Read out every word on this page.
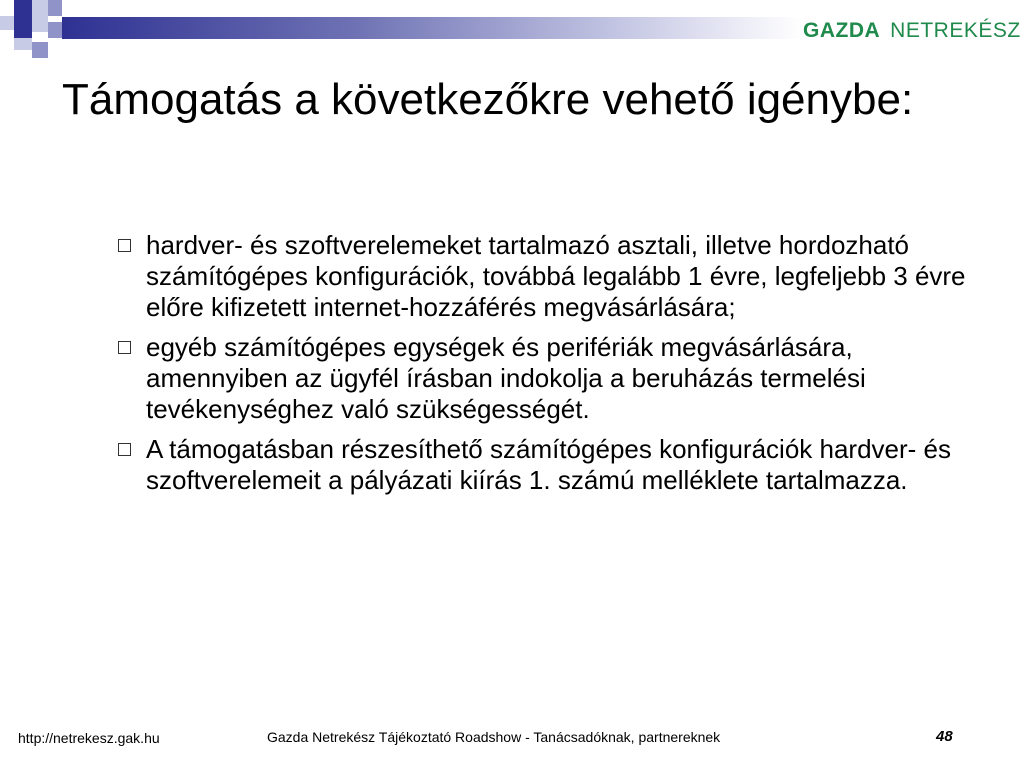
GAZDA NETREKÉSZ
Támogatás a következőkre vehető igénybe:
hardver- és szoftverelemeket tartalmazó asztali, illetve hordozható számítógépes konfigurációk, továbbá legalább 1 évre, legfeljebb 3 évre előre kifizetett internet-hozzáférés megvásárlására;
egyéb számítógépes egységek és perifériák megvásárlására, amennyiben az ügyfél írásban indokolja a beruházás termelési tevékenységhez való szükségességét.
A támogatásban részesíthető számítógépes konfigurációk hardver- és szoftverelemeit a pályázati kiírás 1. számú melléklete tartalmazza.
http://netrekesz.gak.hu	Gazda Netrekész Tájékoztató Roadshow - Tanácsadóknak, partnereknek	48
